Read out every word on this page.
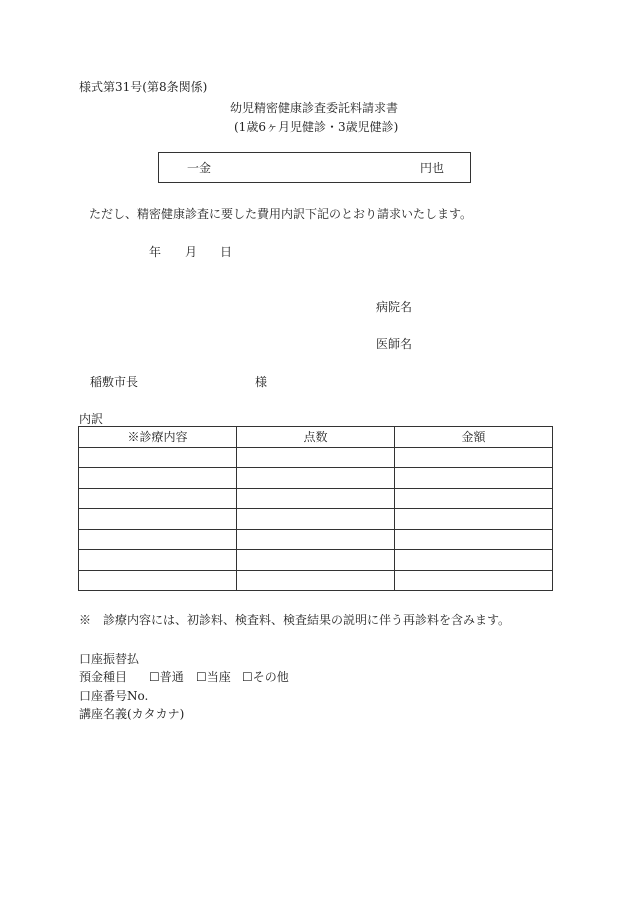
様式第31号(第8条関係)
幼児精密健康診査委託料請求書
(1歳6ヶ月児健診・3歳児健診)
一金	円也
ただし、精密健康診査に要した費用内訳下記のとおり請求いたします。
年 月 日
病院名
医師名
稲敷市長	様
内訳
※診療内容	点数	金額

※　診療内容には、初診料、検査料、検査結果の説明に伴う再診料を含みます。
口座振替払
預金種目 ☐普通 ☐当座 ☐その他
口座番号No.
講座名義(カタカナ)
